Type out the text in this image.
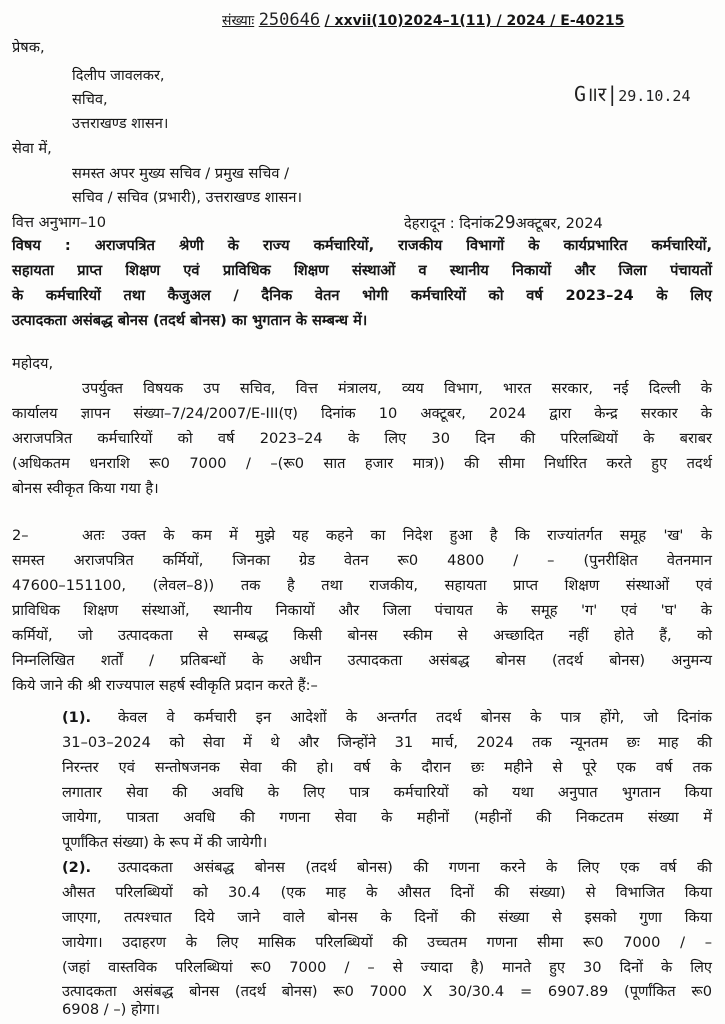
संख्याः 250646 / xxvii(10)2024–1(11) / 2024 / E-40215
प्रेषक,
दिलीप जावलकर,
सचिव,
उत्तराखण्ड शासन।
G॥र|29.10.24
सेवा में,
समस्त अपर मुख्य सचिव / प्रमुख सचिव /
सचिव / सचिव (प्रभारी), उत्तराखण्ड शासन।
वित्त अनुभाग–10	देहरादून : दिनांक29अक्टूबर, 2024
विषय : अराजपत्रित श्रेणी के राज्य कर्मचारियों, राजकीय विभागों के कार्यप्रभारित कर्मचारियों,
सहायता प्राप्त शिक्षण एवं प्राविधिक शिक्षण संस्थाओं व स्थानीय निकायों और जिला पंचायतों
के कर्मचारियों तथा कैजुअल / दैनिक वेतन भोगी कर्मचारियों को वर्ष 2023–24 के लिए
उत्पादकता असंबद्ध बोनस (तदर्थ बोनस) का भुगतान के सम्बन्ध में।
महोदय,
उपर्युक्त विषयक उप सचिव, वित्त मंत्रालय, व्यय विभाग, भारत सरकार, नई दिल्ली के
कार्यालय ज्ञापन संख्या–7/24/2007/E-III(ए) दिनांक 10 अक्टूबर, 2024 द्वारा केन्द्र सरकार के
अराजपत्रित कर्मचारियों को वर्ष 2023–24 के लिए 30 दिन की परिलब्धियों के बराबर
(अधिकतम धनराशि रू0 7000 / –(रू0 सात हजार मात्र)) की सीमा निर्धारित करते हुए तदर्थ
बोनस स्वीकृत किया गया है।
2–	अतः उक्त के कम में मुझे यह कहने का निदेश हुआ है कि राज्यांतर्गत समूह 'ख' के
समस्त अराजपत्रित कर्मियों, जिनका ग्रेड वेतन रू0 4800 / – (पुनरीक्षित वेतनमान
47600–151100, (लेवल–8)) तक है तथा राजकीय, सहायता प्राप्त शिक्षण संस्थाओं एवं
प्राविधिक शिक्षण संस्थाओं, स्थानीय निकायों और जिला पंचायत के समूह 'ग' एवं 'घ' के
कर्मियों, जो उत्पादकता से सम्बद्ध किसी बोनस स्कीम से अच्छादित नहीं होते हैं, को
निम्नलिखित शर्तों / प्रतिबन्धों के अधीन उत्पादकता असंबद्ध बोनस (तदर्थ बोनस) अनुमन्य
किये जाने की श्री राज्यपाल सहर्ष स्वीकृति प्रदान करते हैं:–
(1). केवल वे कर्मचारी इन आदेशों के अन्तर्गत तदर्थ बोनस के पात्र होंगे, जो दिनांक
31–03–2024 को सेवा में थे और जिन्होंने 31 मार्च, 2024 तक न्यूनतम छः माह की
निरन्तर एवं सन्तोषजनक सेवा की हो। वर्ष के दौरान छः महीने से पूरे एक वर्ष तक
लगातार सेवा की अवधि के लिए पात्र कर्मचारियों को यथा अनुपात भुगतान किया
जायेगा, पात्रता अवधि की गणना सेवा के महीनों (महीनों की निकटतम संख्या में
पूर्णांकित संख्या) के रूप में की जायेगी।
(2). उत्पादकता असंबद्ध बोनस (तदर्थ बोनस) की गणना करने के लिए एक वर्ष की
औसत परिलब्धियों को 30.4 (एक माह के औसत दिनों की संख्या) से विभाजित किया
जाएगा, तत्पश्चात दिये जाने वाले बोनस के दिनों की संख्या से इसको गुणा किया
जायेगा। उदाहरण के लिए मासिक परिलब्धियों की उच्चतम गणना सीमा रू0 7000 / –
(जहां वास्तविक परिलब्धियां रू0 7000 / – से ज्यादा है) मानते हुए 30 दिनों के लिए
उत्पादकता असंबद्ध बोनस (तदर्थ बोनस) रू0 7000 X 30/30.4 = 6907.89 (पूर्णांकित रू0
6908 / –) होगा।
